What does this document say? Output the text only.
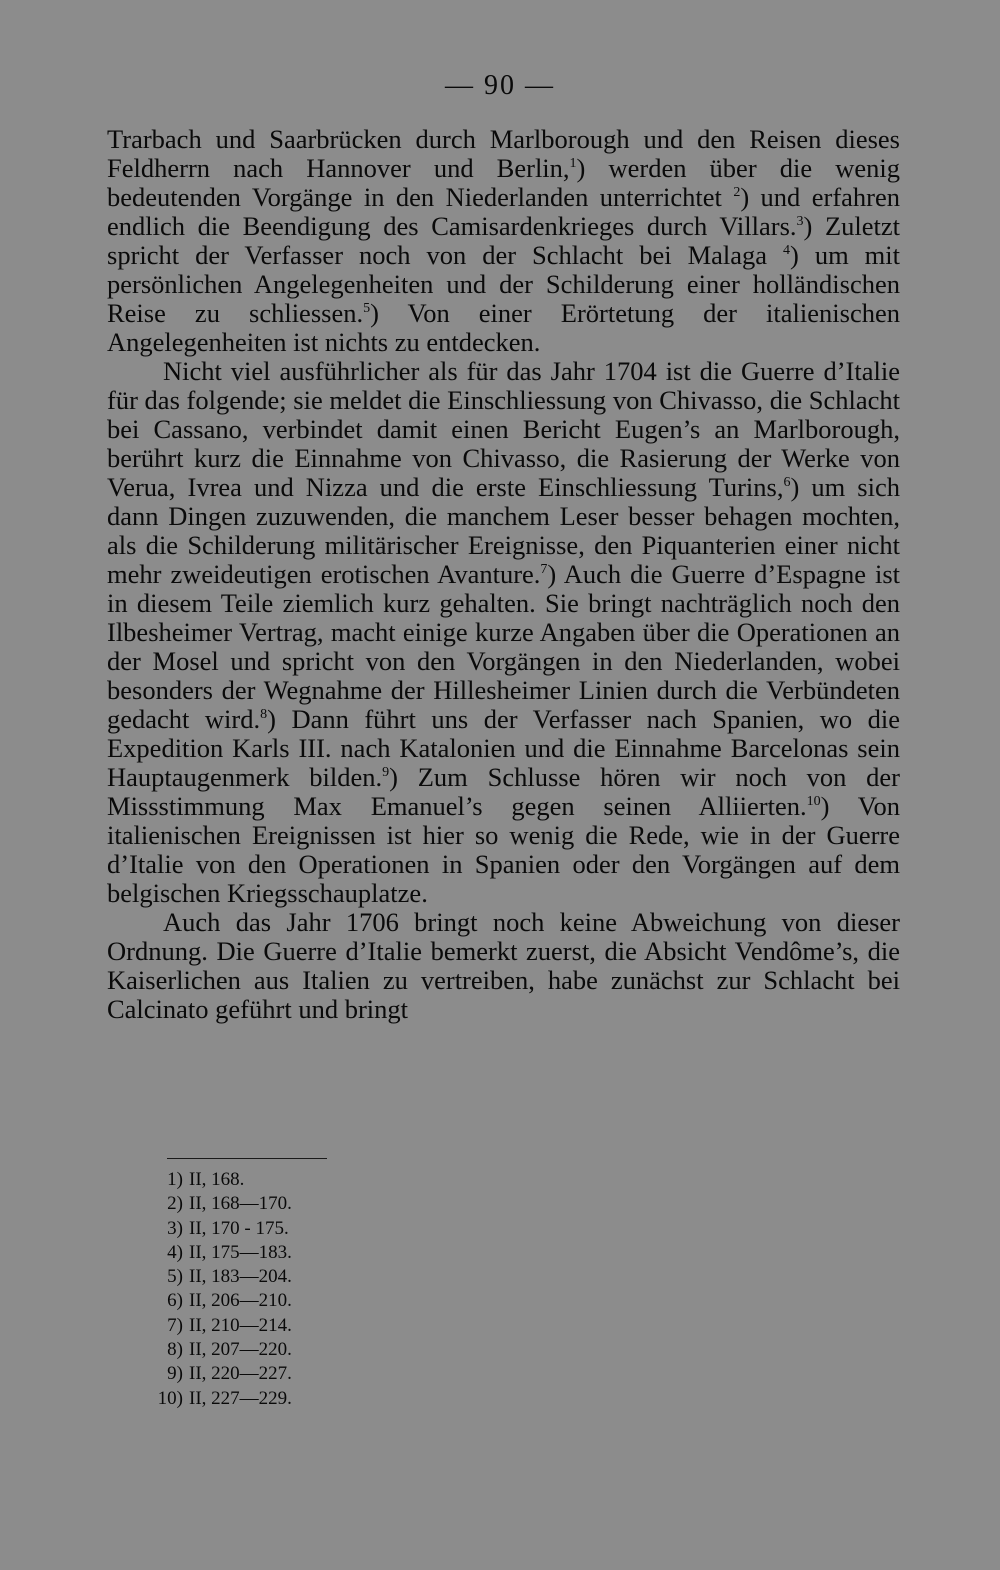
— 90 —

Trarbach und Saarbrücken durch Marlborough und den Reisen dieses Feldherrn nach Hannover und Berlin,$^1$) werden über die wenig bedeutenden Vorgänge in den Niederlanden unterrichtet $^2$) und erfahren endlich die Beendigung des Camisardenkrieges durch Villars.$^3$) Zuletzt spricht der Verfasser noch von der Schlacht bei Malaga $^4$) um mit persönlichen Angelegenheiten und der Schilderung einer holländischen Reise zu schliessen.$^5$) Von einer Erörtetung der italienischen Angelegenheiten ist nichts zu entdecken.

Nicht viel ausführlicher als für das Jahr 1704 ist die Guerre d’Italie für das folgende; sie meldet die Einschliessung von Chivasso, die Schlacht bei Cassano, verbindet damit einen Bericht Eugen’s an Marlborough, berührt kurz die Einnahme von Chivasso, die Rasierung der Werke von Verua, Ivrea und Nizza und die erste Einschliessung Turins,$^6$) um sich dann Dingen zuzuwenden, die manchem Leser besser behagen mochten, als die Schilderung militärischer Ereignisse, den Piquanterien einer nicht mehr zweideutigen erotischen Avanture.$^7$) Auch die Guerre d’Espagne ist in diesem Teile ziemlich kurz gehalten. Sie bringt nachträglich noch den Ilbesheimer Vertrag, macht einige kurze Angaben über die Operationen an der Mosel und spricht von den Vorgängen in den Niederlanden, wobei besonders der Wegnahme der Hillesheimer Linien durch die Verbündeten gedacht wird.$^8$) Dann führt uns der Verfasser nach Spanien, wo die Expedition Karls III. nach Katalonien und die Einnahme Barcelonas sein Hauptaugenmerk bilden.$^9$) Zum Schlusse hören wir noch von der Missstimmung Max Emanuel’s gegen seinen Alliierten.$^{10}$) Von italienischen Ereignissen ist hier so wenig die Rede, wie in der Guerre d’Italie von den Operationen in Spanien oder den Vorgängen auf dem belgischen Kriegsschauplatze.

Auch das Jahr 1706 bringt noch keine Abweichung von dieser Ordnung. Die Guerre d’Italie bemerkt zuerst, die Absicht Vendôme’s, die Kaiserlichen aus Italien zu vertreiben, habe zunächst zur Schlacht bei Calcinato geführt und bringt

1) II, 168.
2) II, 168—170.
3) II, 170 - 175.
4) II, 175—183.
5) II, 183—204.
6) II, 206—210.
7) II, 210—214.
8) II, 207—220.
9) II, 220—227.
10) II, 227—229.
